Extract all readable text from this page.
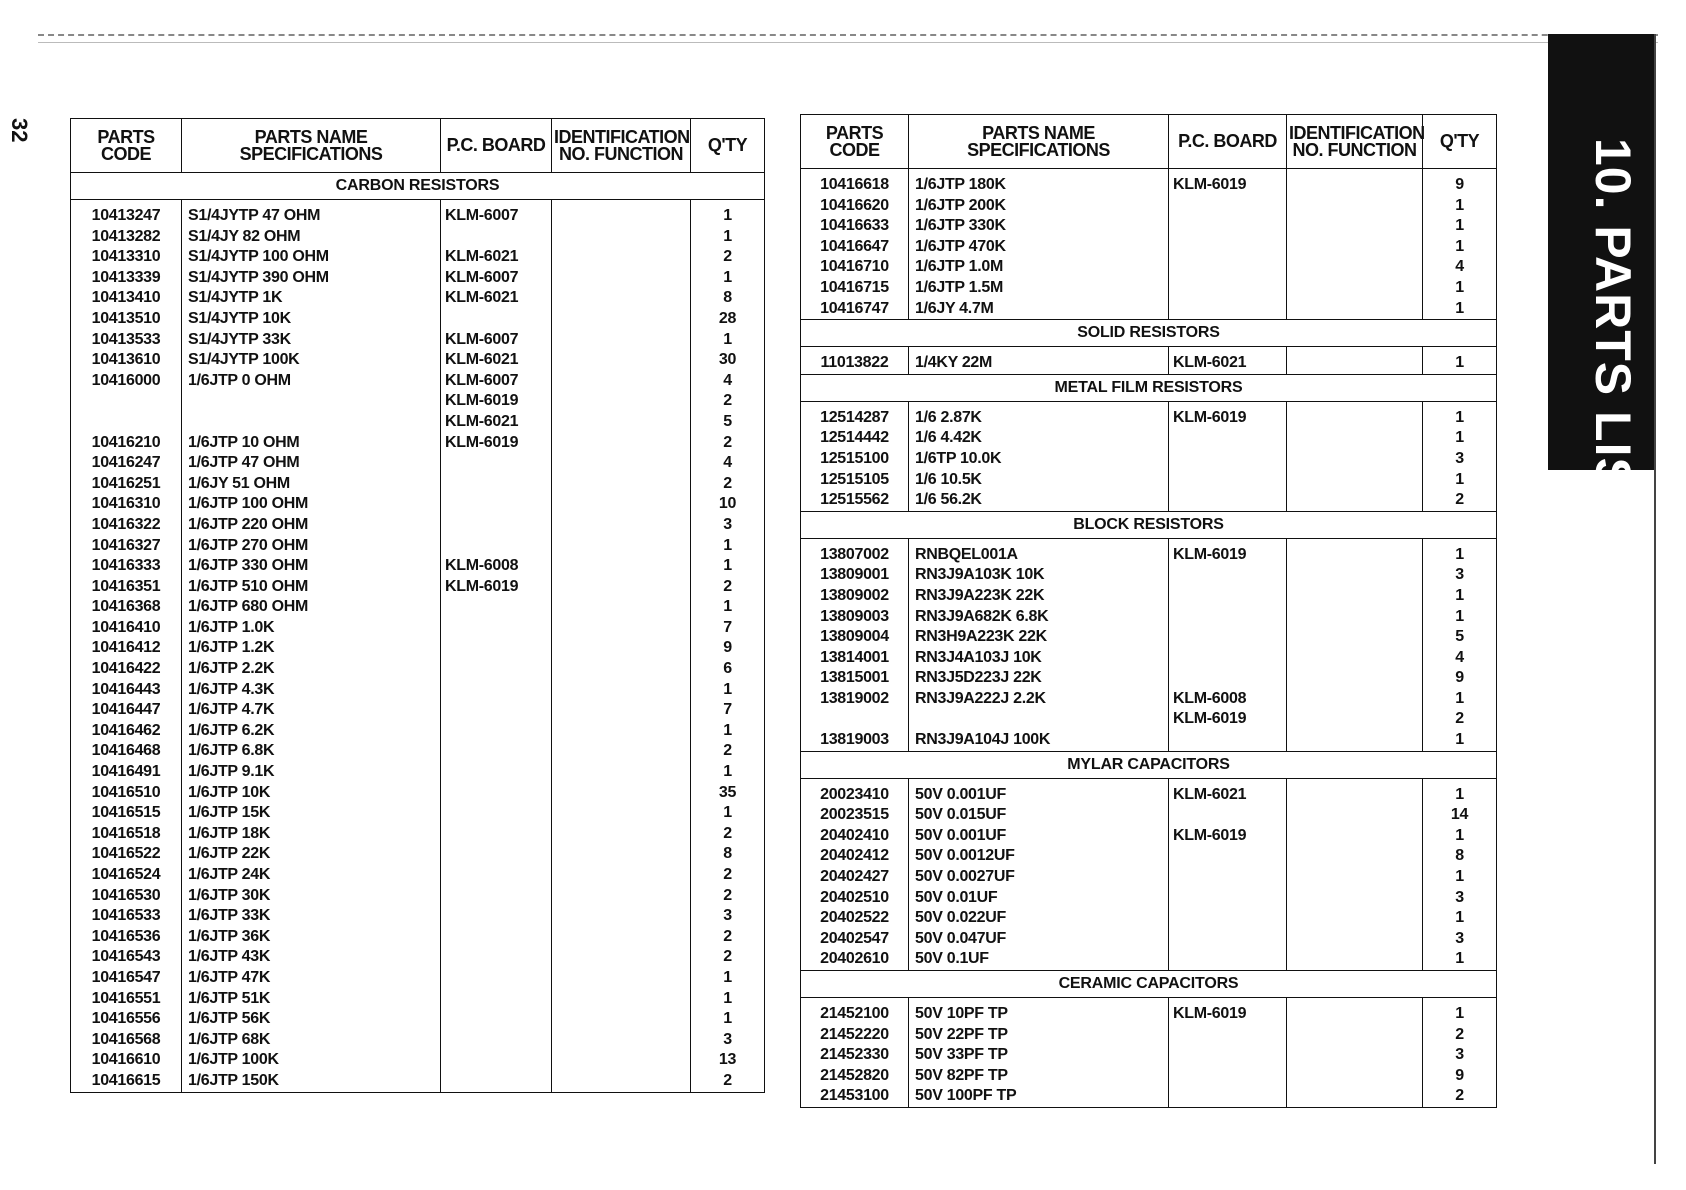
32	PARTS CODE	PARTS NAME SPECIFICATIONS	P.C. BOARD	IDENTIFICATION NO. FUNCTION	Q'TY
CARBON RESISTORS				
10413247	S1/4JYTP 47 OHM	KLM-6007		1
10413282	S1/4JY 82 OHM			1
10413310	S1/4JYTP 100 OHM	KLM-6021		2
10413339	S1/4JYTP 390 OHM	KLM-6007		1
10413410	S1/4JYTP 1K	KLM-6021		8
10413510	S1/4JYTP 10K			28
10413533	S1/4JYTP 33K	KLM-6007		1
10413610	S1/4JYTP 100K	KLM-6021		30
10416000	1/6JTP 0 OHM	KLM-6007		4
		KLM-6019		2
		KLM-6021		5
10416210	1/6JTP 10 OHM	KLM-6019		2
10416247	1/6JTP 47 OHM			4
10416251	1/6JY 51 OHM			2
10416310	1/6JTP 100 OHM			10
10416322	1/6JTP 220 OHM			3
10416327	1/6JTP 270 OHM			1
10416333	1/6JTP 330 OHM	KLM-6008		1
10416351	1/6JTP 510 OHM	KLM-6019		2
10416368	1/6JTP 680 OHM			1
10416410	1/6JTP 1.0K			7
10416412	1/6JTP 1.2K			9
10416422	1/6JTP 2.2K			6
10416443	1/6JTP 4.3K			1
10416447	1/6JTP 4.7K			7
10416462	1/6JTP 6.2K			1
10416468	1/6JTP 6.8K			2
10416491	1/6JTP 9.1K			1
10416510	1/6JTP 10K			35
10416515	1/6JTP 15K			1
10416518	1/6JTP 18K			2
10416522	1/6JTP 22K			8
10416524	1/6JTP 24K			2
10416530	1/6JTP 30K			2
10416533	1/6JTP 33K			3
10416536	1/6JTP 36K			2
10416543	1/6JTP 43K			2
10416547	1/6JTP 47K			1
10416551	1/6JTP 51K			1
10416556	1/6JTP 56K			1
10416568	1/6JTP 68K			3
10416610	1/6JTP 100K			13
10416615	1/6JTP 150K			2
PARTS CODE	PARTS NAME SPECIFICATIONS	P.C. BOARD	IDENTIFICATION NO. FUNCTION	Q'TY
10416618	1/6JTP 180K	KLM-6019		9
10416620	1/6JTP 200K			1
10416633	1/6JTP 330K			1
10416647	1/6JTP 470K			1
10416710	1/6JTP 1.0M			4
10416715	1/6JTP 1.5M			1
10416747	1/6JY 4.7M			1
SOLID RESISTORS				
11013822	1/4KY 22M	KLM-6021		1
METAL FILM RESISTORS				
12514287	1/6 2.87K	KLM-6019		1
12514442	1/6 4.42K			1
12515100	1/6TP 10.0K			3
12515105	1/6 10.5K			1
12515562	1/6 56.2K			2
BLOCK RESISTORS				
13807002	RNBQEL001A	KLM-6019		1
13809001	RN3J9A103K 10K			3
13809002	RN3J9A223K 22K			1
13809003	RN3J9A682K 6.8K			1
13809004	RN3H9A223K 22K			5
13814001	RN3J4A103J 10K			4
13815001	RN3J5D223J 22K			9
13819002	RN3J9A222J 2.2K	KLM-6008		1
		KLM-6019		2
13819003	RN3J9A104J 100K			1
MYLAR CAPACITORS				
20023410	50V 0.001UF	KLM-6021		1
20023515	50V 0.015UF			14
20402410	50V 0.001UF	KLM-6019		1
20402412	50V 0.0012UF			8
20402427	50V 0.0027UF			1
20402510	50V 0.01UF			3
20402522	50V 0.022UF			1
20402547	50V 0.047UF			3
20402610	50V 0.1UF			1
CERAMIC CAPACITORS				
21452100	50V 10PF TP	KLM-6019		1
21452220	50V 22PF TP			2
21452330	50V 33PF TP			3
21452820	50V 82PF TP			9
21453100	50V 100PF TP			2
10. PARTS LIST
